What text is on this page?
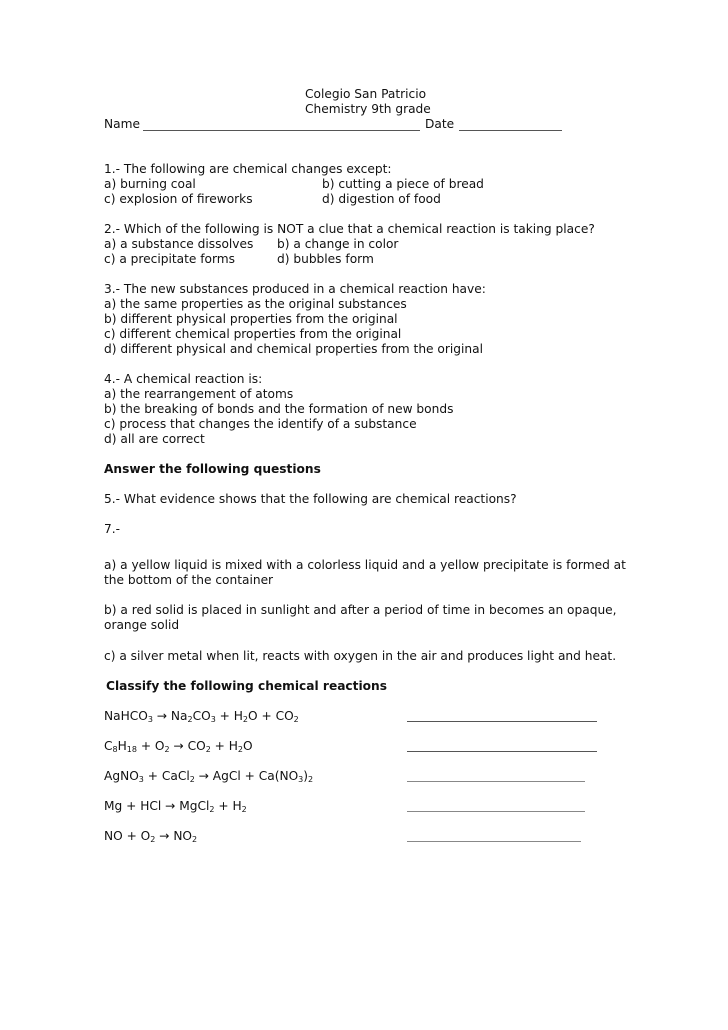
Colegio San Patricio
Chemistry 9th grade
Name	Date
1.- The following are chemical changes except:
a) burning coal	b) cutting a piece of bread
c) explosion of fireworks	d) digestion of food
2.- Which of the following is NOT a clue that a chemical reaction is taking place?
a) a substance dissolves b) a change in color
c) a precipitate forms	d) bubbles form
3.- The new substances produced in a chemical reaction have:
a) the same properties as the original substances
b) different physical properties from the original
c) different chemical properties from the original
d) different physical and chemical properties from the original
4.- A chemical reaction is:
a) the rearrangement of atoms
b) the breaking of bonds and the formation of new bonds
c) process that changes the identify of a substance
d) all are correct
Answer the following questions
5.- What evidence shows that the following are chemical reactions?
7.-
a) a yellow liquid is mixed with a colorless liquid and a yellow precipitate is formed at
the bottom of the container
b) a red solid is placed in sunlight and after a period of time in becomes an opaque,
orange solid
c) a silver metal when lit, reacts with oxygen in the air and produces light and heat.
Classify the following chemical reactions
NaHCO$_3$ → $Na_2CO_3 + H_2O + CO_2$
$C_8H_{18} + O_2 \to CO_2 + H_2O$
AgNO$_3$ + CaCl$_2$ → AgCl + $Ca(NO_3)_2$
Mg + HCl → MgCl$_2$ + $H_2$
NO + $O_2 \to NO_2$
